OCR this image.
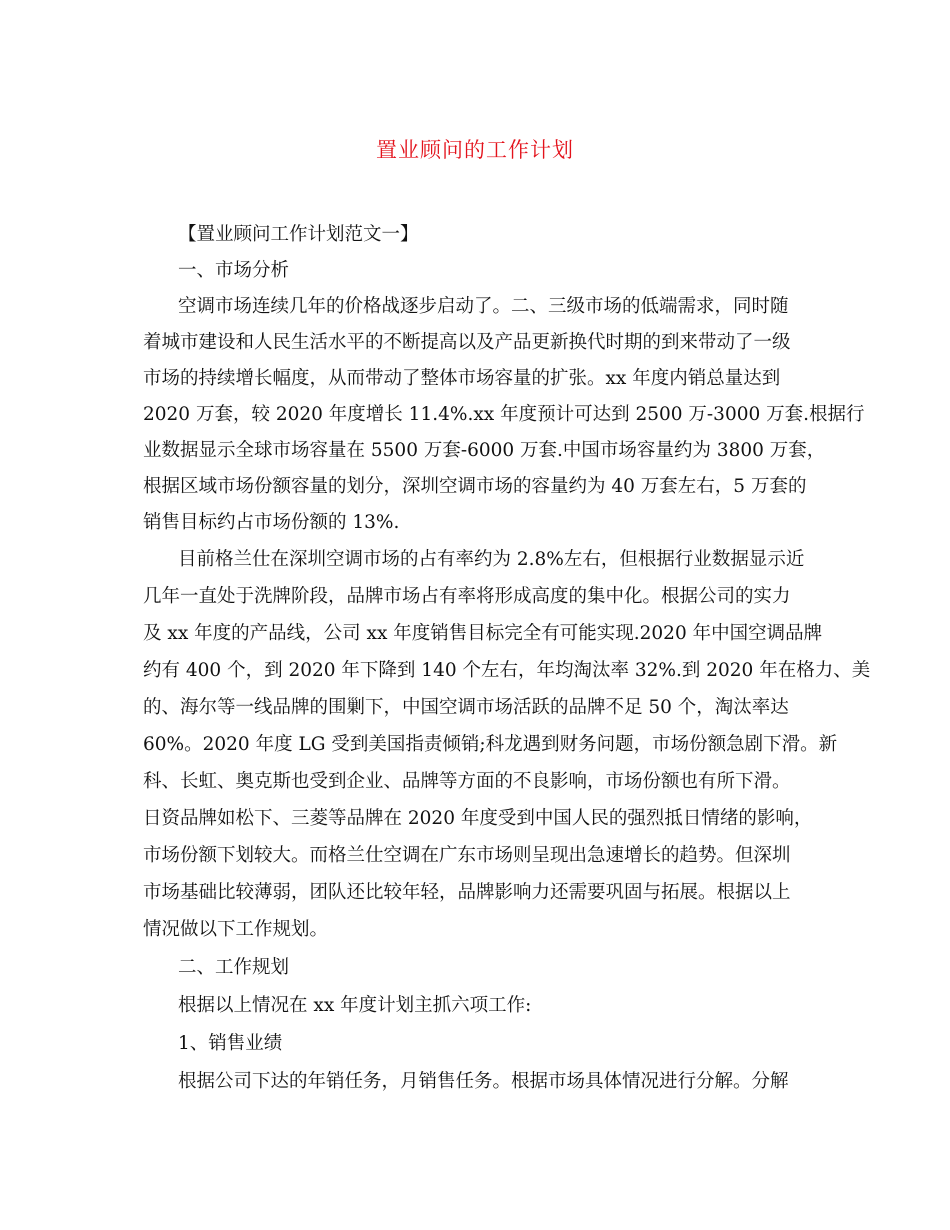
置业顾问的工作计划
【置业顾问工作计划范文一】
一、市场分析
空调市场连续几年的价格战逐步启动了。二、三级市场的低端需求，同时随
着城市建设和人民生活水平的不断提高以及产品更新换代时期的到来带动了一级
市场的持续增长幅度，从而带动了整体市场容量的扩张。xx 年度内销总量达到
2020 万套，较 2020 年度增长 11.4%.xx 年度预计可达到 2500 万-3000 万套.根据行
业数据显示全球市场容量在 5500 万套-6000 万套.中国市场容量约为 3800 万套，
根据区域市场份额容量的划分，深圳空调市场的容量约为 40 万套左右，5 万套的
销售目标约占市场份额的 13%.
目前格兰仕在深圳空调市场的占有率约为 2.8%左右，但根据行业数据显示近
几年一直处于洗牌阶段，品牌市场占有率将形成高度的集中化。根据公司的实力
及 xx 年度的产品线，公司 xx 年度销售目标完全有可能实现.2020 年中国空调品牌
约有 400 个，到 2020 年下降到 140 个左右，年均淘汰率 32%.到 2020 年在格力、美
的、海尔等一线品牌的围剿下，中国空调市场活跃的品牌不足 50 个，淘汰率达
60%。2020 年度 LG 受到美国指责倾销;科龙遇到财务问题，市场份额急剧下滑。新
科、长虹、奥克斯也受到企业、品牌等方面的不良影响，市场份额也有所下滑。
日资品牌如松下、三菱等品牌在 2020 年度受到中国人民的强烈抵日情绪的影响，
市场份额下划较大。而格兰仕空调在广东市场则呈现出急速增长的趋势。但深圳
市场基础比较薄弱，团队还比较年轻，品牌影响力还需要巩固与拓展。根据以上
情况做以下工作规划。
二、工作规划
根据以上情况在 xx 年度计划主抓六项工作:
1、销售业绩
根据公司下达的年销任务，月销售任务。根据市场具体情况进行分解。分解
